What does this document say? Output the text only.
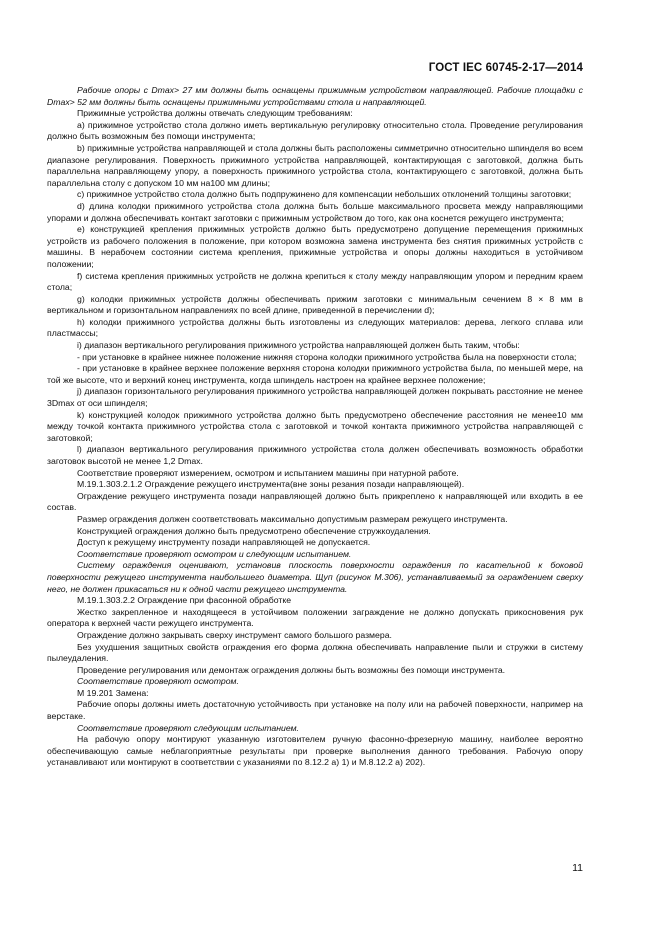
ГОСТ IEC 60745-2-17—2014

Рабочие опоры с Dmax> 27 мм должны быть оснащены прижимным устройством направляющей. Рабочие площадки с Dmax> 52 мм должны быть оснащены прижимными устройствами стола и направляющей.

Прижимные устройства должны отвечать следующим требованиям:

a) прижимное устройство стола должно иметь вертикальную регулировку относительно стола. Проведение регулирования должно быть возможным без помощи инструмента;

b) прижимные устройства направляющей и стола должны быть расположены симметрично относительно шпинделя во всем диапазоне регулирования. Поверхность прижимного устройства направляющей, контактирующая с заготовкой, должна быть параллельна направляющему упору, а поверхность прижимного устройства стола, контактирующего с заготовкой, должна быть параллельна столу с допуском 10 мм на100 мм длины;

c) прижимное устройство стола должно быть подпружинено для компенсации небольших отклонений толщины заготовки;

d) длина колодки прижимного устройства стола должна быть больше максимального просвета между направляющими упорами и должна обеспечивать контакт заготовки с прижимным устройством до того, как она коснется режущего инструмента;

e) конструкцией крепления прижимных устройств должно быть предусмотрено допущение перемещения прижимных устройств из рабочего положения в положение, при котором возможна замена инструмента без снятия прижимных устройств с машины. В нерабочем состоянии система крепления, прижимные устройства и опоры должны находиться в устойчивом положении;

f) система крепления прижимных устройств не должна крепиться к столу между направляющим упором и передним краем стола;

g) колодки прижимных устройств должны обеспечивать прижим заготовки с минимальным сечением 8 × 8 мм в вертикальном и горизонтальном направлениях по всей длине, приведенной в перечислении d);

h) колодки прижимного устройства должны быть изготовлены из следующих материалов: дерева, легкого сплава или пластмассы;

i) диапазон вертикального регулирования прижимного устройства направляющей должен быть таким, чтобы:

- при установке в крайнее нижнее положение нижняя сторона колодки прижимного устройства была на поверхности стола;

- при установке в крайнее верхнее положение верхняя сторона колодки прижимного устройства была, по меньшей мере, на той же высоте, что и верхний конец инструмента, когда шпиндель настроен на крайнее верхнее положение;

j) диапазон горизонтального регулирования прижимного устройства направляющей должен покрывать расстояние не менее 3Dmax от оси шпинделя;

k) конструкцией колодок прижимного устройства должно быть предусмотрено обеспечение расстояния не менее10 мм между точкой контакта прижимного устройства стола с заготовкой и точкой контакта прижимного устройства направляющей с заготовкой;

l) диапазон вертикального регулирования прижимного устройства стола должен обеспечивать возможность обработки заготовок высотой не менее 1,2 Dmax.

Соответствие проверяют измерением, осмотром и испытанием машины при натурной работе.

М.19.1.303.2.1.2 Ограждение режущего инструмента(вне зоны резания позади направляющей).

Ограждение режущего инструмента позади направляющей должно быть прикреплено к направляющей или входить в ее состав.

Размер ограждения должен соответствовать максимально допустимым размерам режущего инструмента.

Конструкцией ограждения должно быть предусмотрено обеспечение стружкоудаления.

Доступ к режущему инструменту позади направляющей не допускается.

Соответствие проверяют осмотром и следующим испытанием.

Систему ограждения оценивают, установив плоскость поверхности ограждения по касательной к боковой поверхности режущего инструмента наибольшего диаметра. Щуп (рисунок М.306), устанавливаемый за ограждением сверху него, не должен прикасаться ни к одной части режущего инструмента.

М.19.1.303.2.2 Ограждение при фасонной обработке

Жестко закрепленное и находящееся в устойчивом положении заграждение не должно допускать прикосновения рук оператора к верхней части режущего инструмента.

Ограждение должно закрывать сверху инструмент самого большого размера.

Без ухудшения защитных свойств ограждения его форма должна обеспечивать направление пыли и стружки в систему пылеудаления.

Проведение регулирования или демонтаж ограждения должны быть возможны без помощи инструмента.

Соответствие проверяют осмотром.

М 19.201 Замена:

Рабочие опоры должны иметь достаточную устойчивость при установке на полу или на рабочей поверхности, например на верстаке.

Соответствие проверяют следующим испытанием.

На рабочую опору монтируют указанную изготовителем ручную фасонно-фрезерную машину, наиболее вероятно обеспечивающую самые неблагоприятные результаты при проверке выполнения данного требования. Рабочую опору устанавливают или монтируют в соответствии с указаниями по 8.12.2 а) 1) и М.8.12.2 а) 202).

11
